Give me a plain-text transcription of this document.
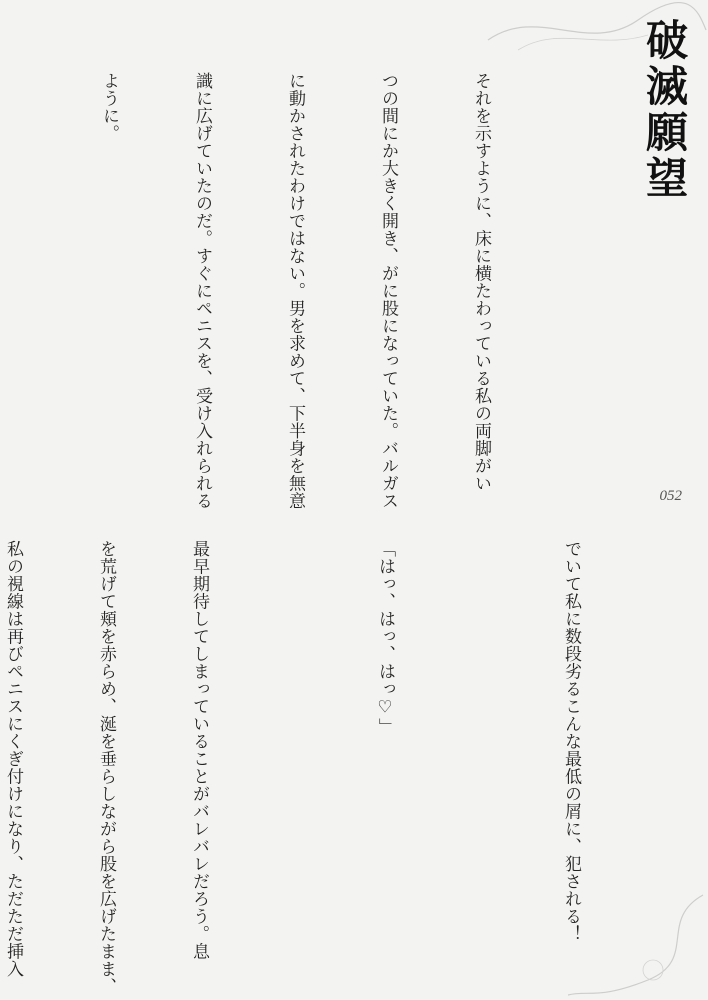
破滅願望
052

それを示すように、床に横たわっている私の両脚がい

つの間にか大きく開き、がに股になっていた。バルガス

に動かされたわけではない。男を求めて、下半身を無意

識に広げていたのだ。すぐにペニスを、受け入れられる

ように。

でいて私に数段劣るこんな最低の屑に、犯される！

「はっ、はっ、はっ♡」

最早期待してしまっていることがバレバレだろう。息

を荒げて頬を赤らめ、涎を垂らしながら股を広げたまま、

私の視線は再びペニスにくぎ付けになり、ただただ挿入
